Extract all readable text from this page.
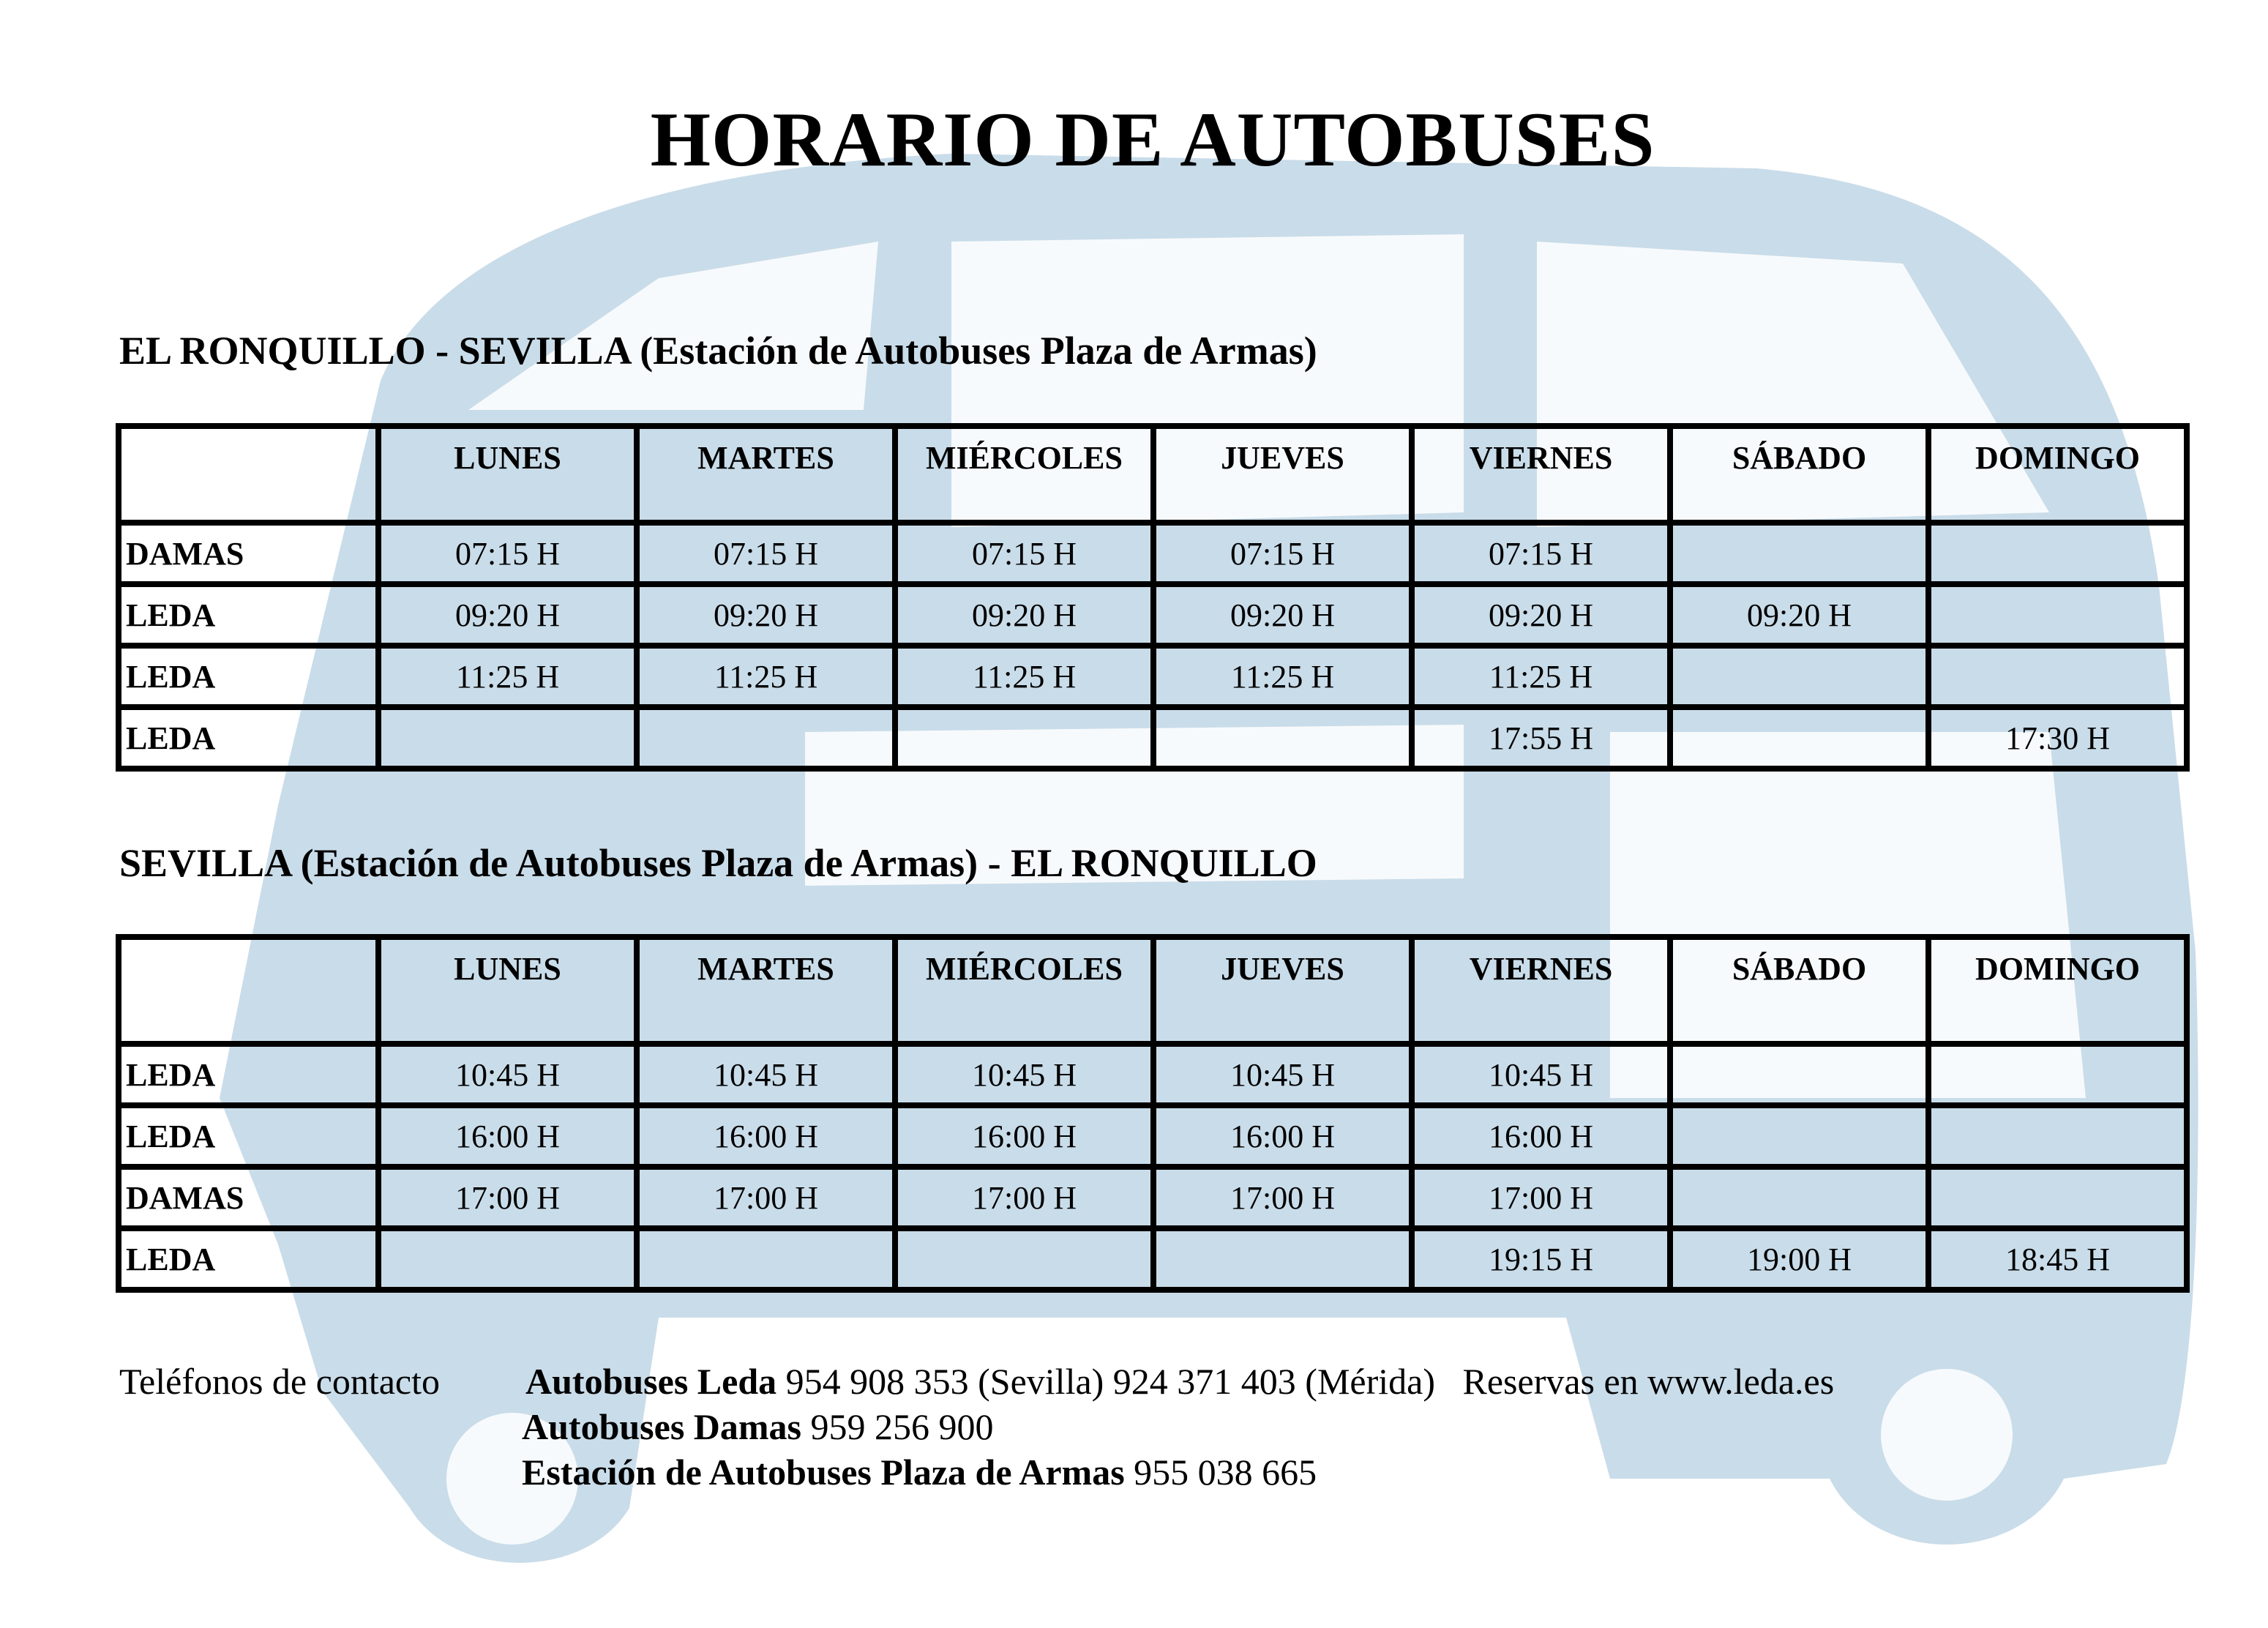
HORARIO DE AUTOBUSES
EL RONQUILLO - SEVILLA (Estación de Autobuses Plaza de Armas)
	LUNES	MARTES	MIÉRCOLES	JUEVES	VIERNES	SÁBADO	DOMINGO
DAMAS	07:15 H	07:15 H	07:15 H	07:15 H	07:15 H		
LEDA	09:20 H	09:20 H	09:20 H	09:20 H	09:20 H	09:20 H	
LEDA	11:25 H	11:25 H	11:25 H	11:25 H	11:25 H		
LEDA					17:55 H		17:30 H
SEVILLA (Estación de Autobuses Plaza de Armas) - EL RONQUILLO
	LUNES	MARTES	MIÉRCOLES	JUEVES	VIERNES	SÁBADO	DOMINGO
LEDA	10:45 H	10:45 H	10:45 H	10:45 H	10:45 H		
LEDA	16:00 H	16:00 H	16:00 H	16:00 H	16:00 H		
DAMAS	17:00 H	17:00 H	17:00 H	17:00 H	17:00 H		
LEDA					19:15 H	19:00 H	18:45 H
Teléfonos de contacto Autobuses Leda 954 908 353 (Sevilla) 924 371 403 (Mérida) Reservas en www.leda.es
Autobuses Damas 959 256 900
Estación de Autobuses Plaza de Armas 955 038 665
